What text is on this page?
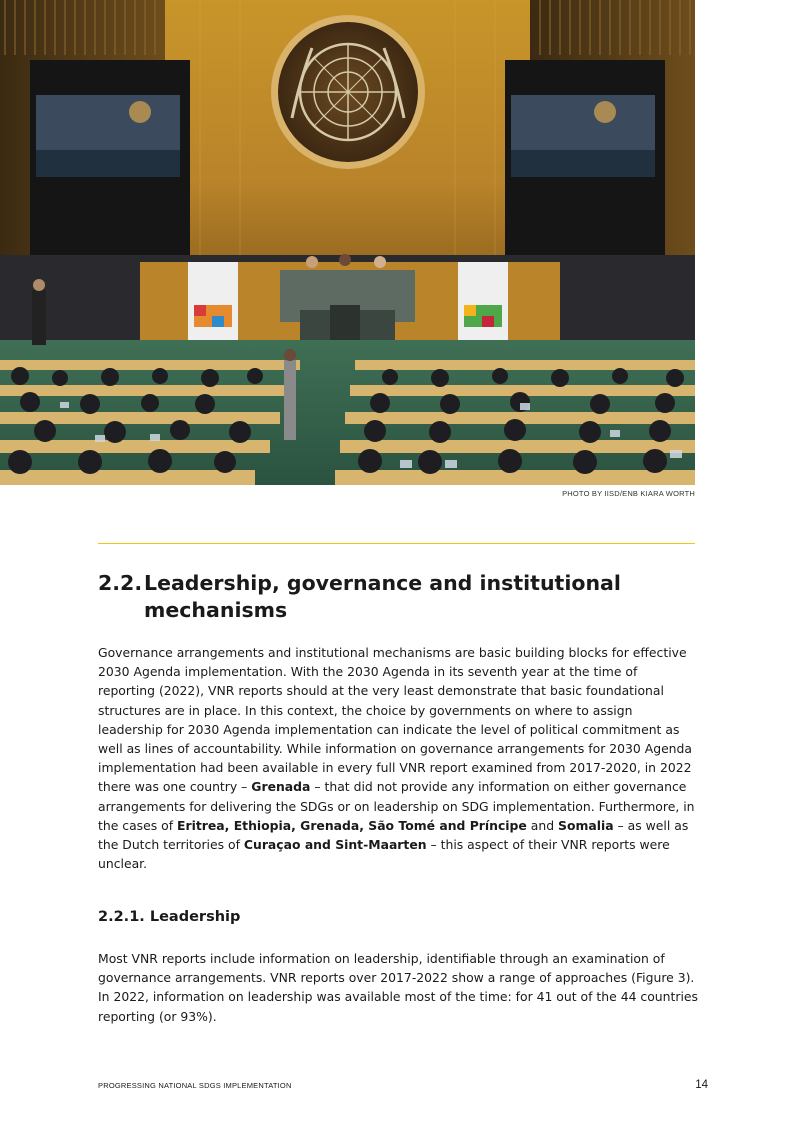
PHOTO BY IISD/ENB KIARA WORTH
2.2. Leadership, governance and institutional
mechanisms

Governance arrangements and institutional mechanisms are basic building blocks for effective 2030 Agenda implementation. With the 2030 Agenda in its seventh year at the time of reporting (2022), VNR reports should at the very least demonstrate that basic foundational structures are in place. In this context, the choice by governments on where to assign leadership for 2030 Agenda implementation can indicate the level of political commitment as well as lines of accountability. While information on governance arrangements for 2030 Agenda implementation had been available in every full VNR report examined from 2017-2020, in 2022 there was one country – Grenada – that did not provide any information on either governance arrangements for delivering the SDGs or on leadership on SDG implementation. Furthermore, in the cases of Eritrea, Ethiopia, Grenada, São Tomé and Príncipe and Somalia – as well as the Dutch territories of Curaçao and Sint-Maarten – this aspect of their VNR reports were unclear.

2.2.1. Leadership

Most VNR reports include information on leadership, identifiable through an examination of governance arrangements. VNR reports over 2017-2022 show a range of approaches (Figure 3). In 2022, information on leadership was available most of the time: for 41 out of the 44 countries reporting (or 93%).

PROGRESSING NATIONAL SDGS IMPLEMENTATION	14
